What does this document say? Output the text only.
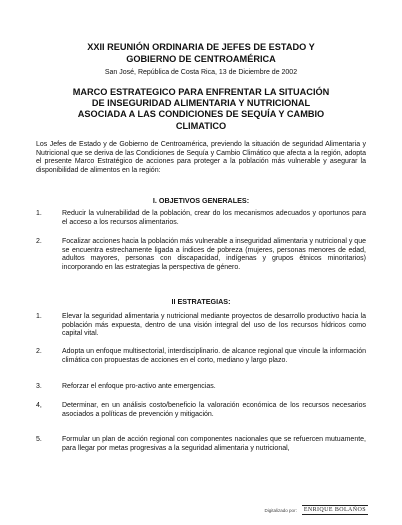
XXII REUNIÓN ORDINARIA DE JEFES DE ESTADO Y
GOBIERNO DE CENTROAMÉRICA
San José, República de Costa Rica, 13 de Diciembre de 2002
MARCO ESTRATEGICO PARA ENFRENTAR LA SITUACIÓN
DE INSEGURIDAD ALIMENTARIA Y NUTRICIONAL
ASOCIADA A LAS CONDICIONES DE SEQUÍA Y CAMBIO
CLIMATICO
Los Jefes de Estado y de Gobierno de Centroamérica, previendo la situación de seguridad Alimentaria y Nutricional que se deriva de las Condiciones de Sequía y Cambio Climático que afecta a la región, adopta el presente Marco Estratégico de acciones para proteger a la población más vulnerable y asegurar la disponibilidad de alimentos en la región:
I. OBJETIVOS GENERALES:
1.	Reducir la vulnerabilidad de la población, crear do los mecanismos adecuados y oportunos para el acceso a los recursos alimentarios.
2.	Focalizar acciones hacia la población más vulnerable a inseguridad alimentaria y nutricional y que se encuentra estrechamente ligada a índices de pobreza (mujeres, personas menores de edad, adultos mayores, personas con discapacidad, indígenas y grupos étnicos minoritarios) incorporando en las estrategias la perspectiva de género.
II ESTRATEGIAS:
1.	Elevar la seguridad alimentaria y nutricional mediante proyectos de desarrollo productivo hacia la población más expuesta, dentro de una visión integral del uso de los recursos hídricos como capital vital.
2.	Adopta un enfoque multisectorial, interdisciplinario. de alcance regional que vincule la información climática con propuestas de acciones en el corto, mediano y largo plazo.
3.	Reforzar el enfoque pro-activo ante emergencias.
4,	Determinar, en un análisis costo/beneficio la valoración económica de los recursos necesarios asociados a políticas de prevención y mitigación.
5.	Formular un plan de acción regional con componentes nacionales que se refuercen mutuamente, para llegar por metas progresivas a la seguridad alimentaria y nutricional,
Digitalizado por:	ENRIQUE BOLAÑOS
